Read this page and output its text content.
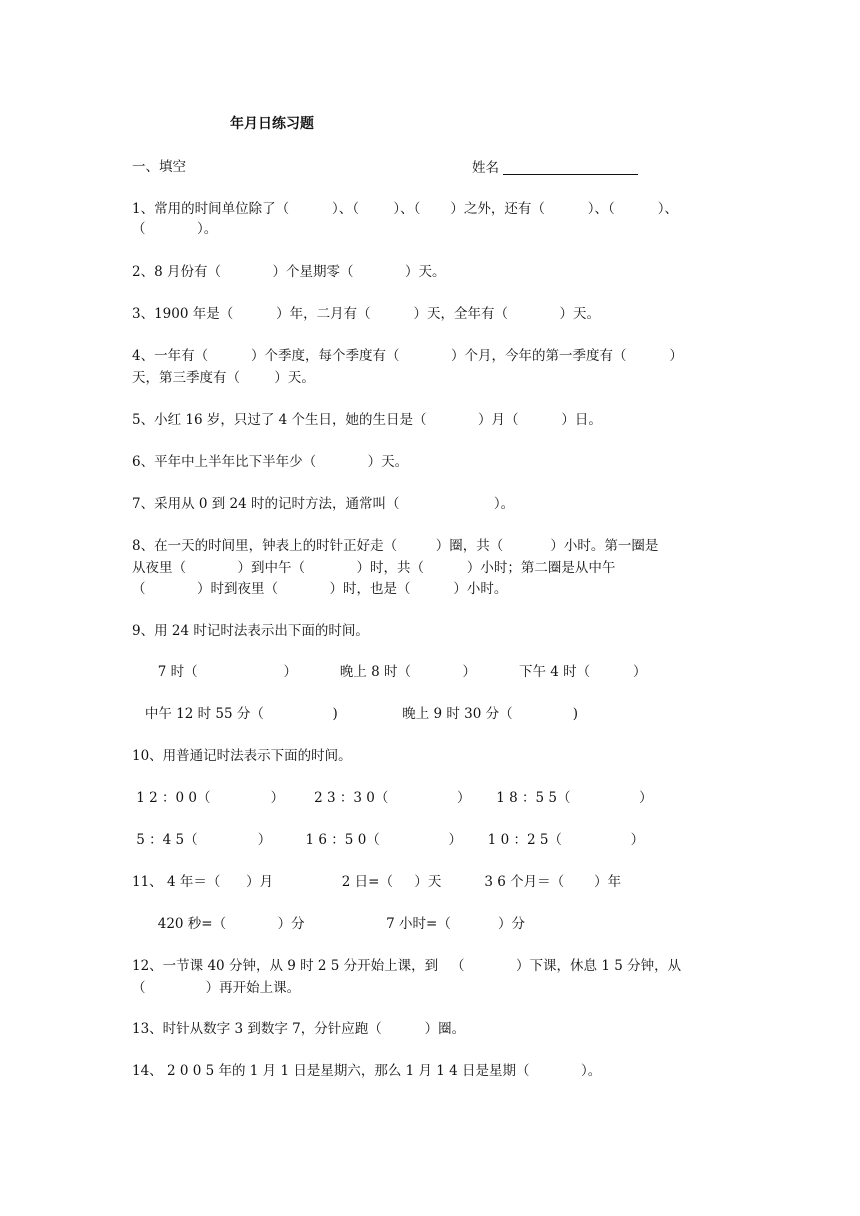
年月日练习题
一、填空	姓名
1、常用的时间单位除了（          ）、（        ）、（       ）之外，还有（          ）、（          ）、
（            ）。
2、8 月份有（            ）个星期零（            ）天。
3、1900 年是（          ）年，二月有（          ）天，全年有（            ）天。
4、一年有（          ）个季度，每个季度有（            ）个月，今年的第一季度有（          ）
天，第三季度有（        ）天。
5、小红 16 岁，只过了 4 个生日，她的生日是（            ）月（          ）日。
6、平年中上半年比下半年少（            ）天。
7、采用从 0 到 24 时的记时方法，通常叫（                      ）。
8、在一天的时间里，钟表上的时针正好走（         ）圈，共（           ）小时。第一圈是
从夜里（            ）到中午（            ）时，共（          ）小时；第二圈是从中午
（            ）时到夜里（            ）时，也是（          ）小时。
9、用 24 时记时法表示出下面的时间。
7 时（                    ）          晚上 8 时（            ）          下午 4 时（          ）
中午 12 时 55 分（                )               晚上 9 时 30 分（              )
10、用普通记时法表示下面的时间。
1 2 ：0 0（              ）       2 3 ：3 0（                ）      1 8 ：5 5（                ）
5 ：4 5（              ）        1 6 ：5 0（                ）      1 0 ：2 5（                ）
11、 4 年＝（      ）月                2 日=（     ）天          3 6 个月＝（       ）年
420 秒=（            ）分                   7 小时=（           ）分
12、一节课 40 分钟，从 9 时 2 5 分开始上课，到   （            ）下课，休息 1 5 分钟，从
（              ）再开始上课。
13、时针从数字 3 到数字 7，分针应跑（          ）圈。
14、 2 0 0 5 年的 1 月 1 日是星期六，那么 1 月 1 4 日是星期（            ）。
